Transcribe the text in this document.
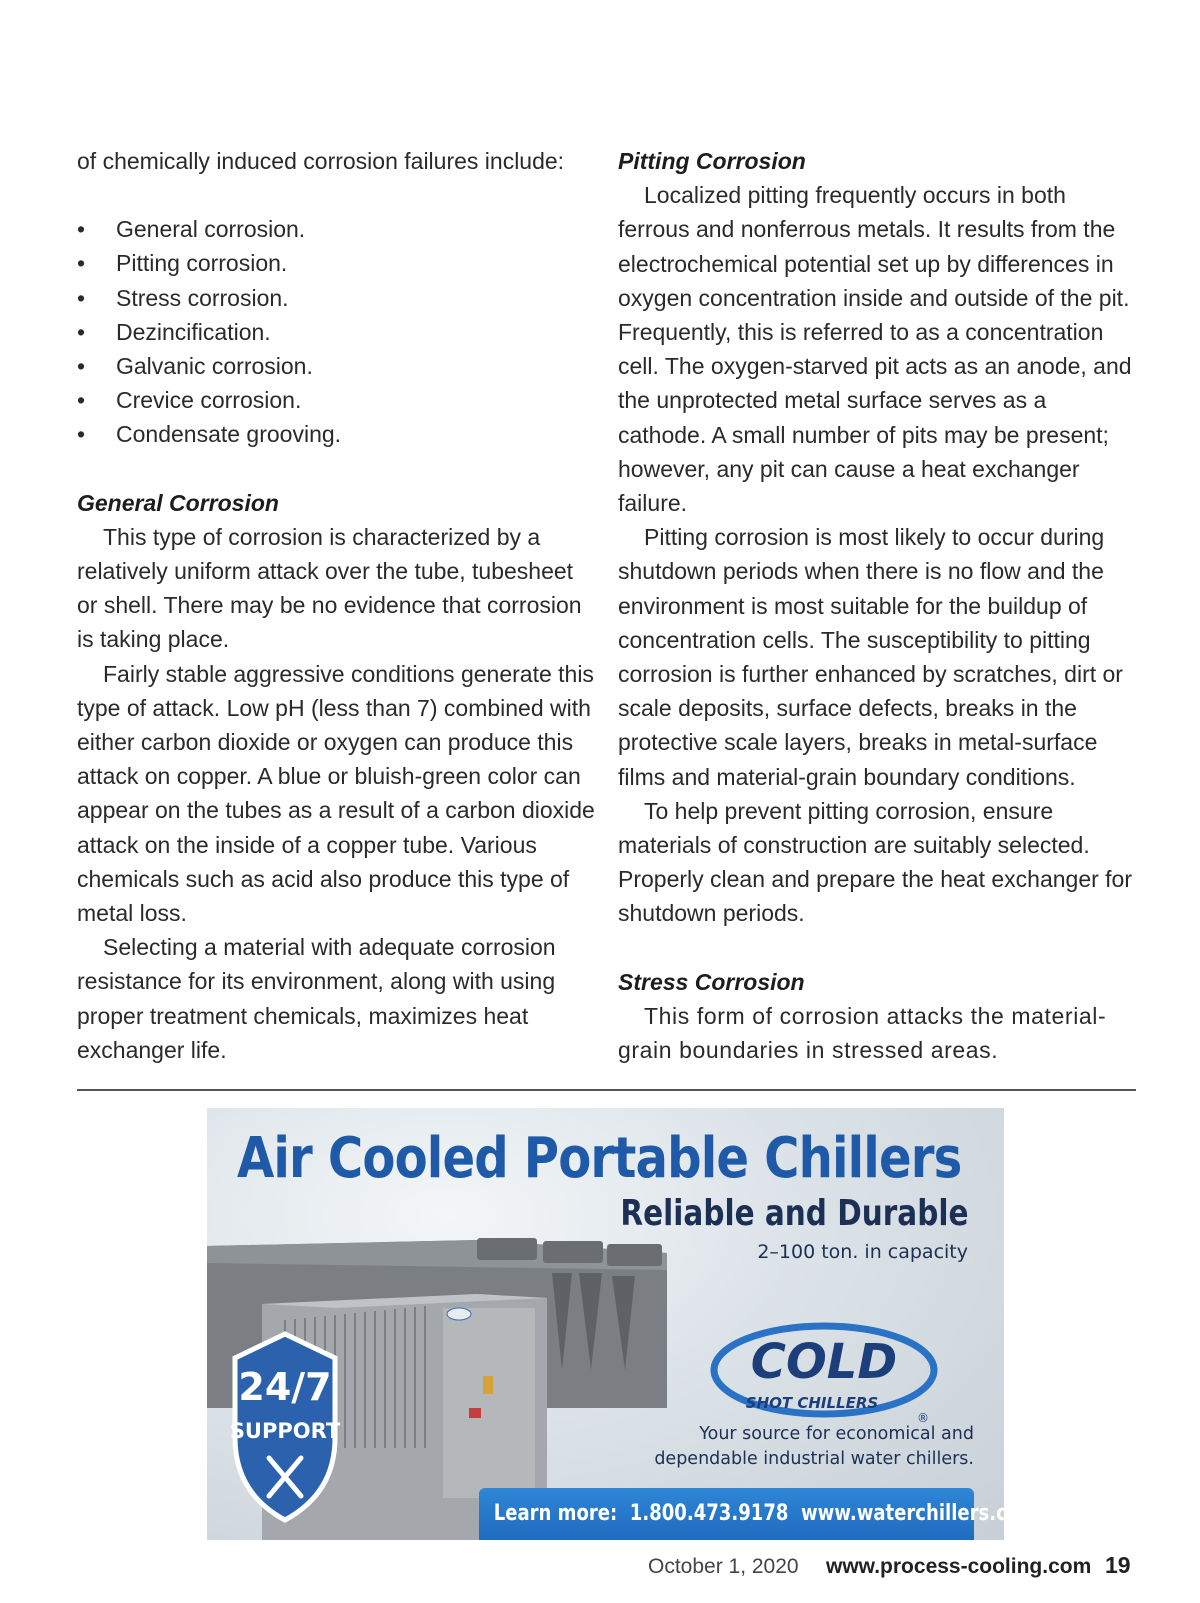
of chemically induced corrosion failures include:

• General corrosion.
• Pitting corrosion.
• Stress corrosion.
• Dezincification.
• Galvanic corrosion.
• Crevice corrosion.
• Condensate grooving.

General Corrosion

This type of corrosion is characterized by a relatively uniform attack over the tube, tubesheet or shell. There may be no evidence that corrosion is taking place.

Fairly stable aggressive conditions generate this type of attack. Low pH (less than 7) combined with either carbon dioxide or oxygen can produce this attack on copper. A blue or bluish-green color can appear on the tubes as a result of a carbon dioxide attack on the inside of a copper tube. Various chemicals such as acid also produce this type of metal loss.

Selecting a material with adequate corrosion resistance for its environment, along with using proper treatment chemicals, maximizes heat exchanger life.

Pitting Corrosion

Localized pitting frequently occurs in both ferrous and nonferrous metals. It results from the electrochemical potential set up by differences in oxygen concentration inside and outside of the pit. Frequently, this is referred to as a concentration cell. The oxygen-starved pit acts as an anode, and the unprotected metal surface serves as a cathode. A small number of pits may be present; however, any pit can cause a heat exchanger failure.

Pitting corrosion is most likely to occur during shutdown periods when there is no flow and the environment is most suitable for the buildup of concentration cells. The susceptibility to pitting corrosion is further enhanced by scratches, dirt or scale deposits, surface defects, breaks in the protective scale layers, breaks in metal-surface films and material-grain boundary conditions.

To help prevent pitting corrosion, ensure materials of construction are suitably selected. Properly clean and prepare the heat exchanger for shutdown periods.

Stress Corrosion

This form of corrosion attacks the material-grain boundaries in stressed areas.

24/7
SUPPORT
COLD
SHOT CHILLERS
®
Air Cooled Portable Chillers
Reliable and Durable
2–100 ton. in capacity
Your source for economical and
dependable industrial water chillers.
Learn more: 1.800.473.9178 www.waterchillers.com
October 1, 2020 www.process-cooling.com 19
